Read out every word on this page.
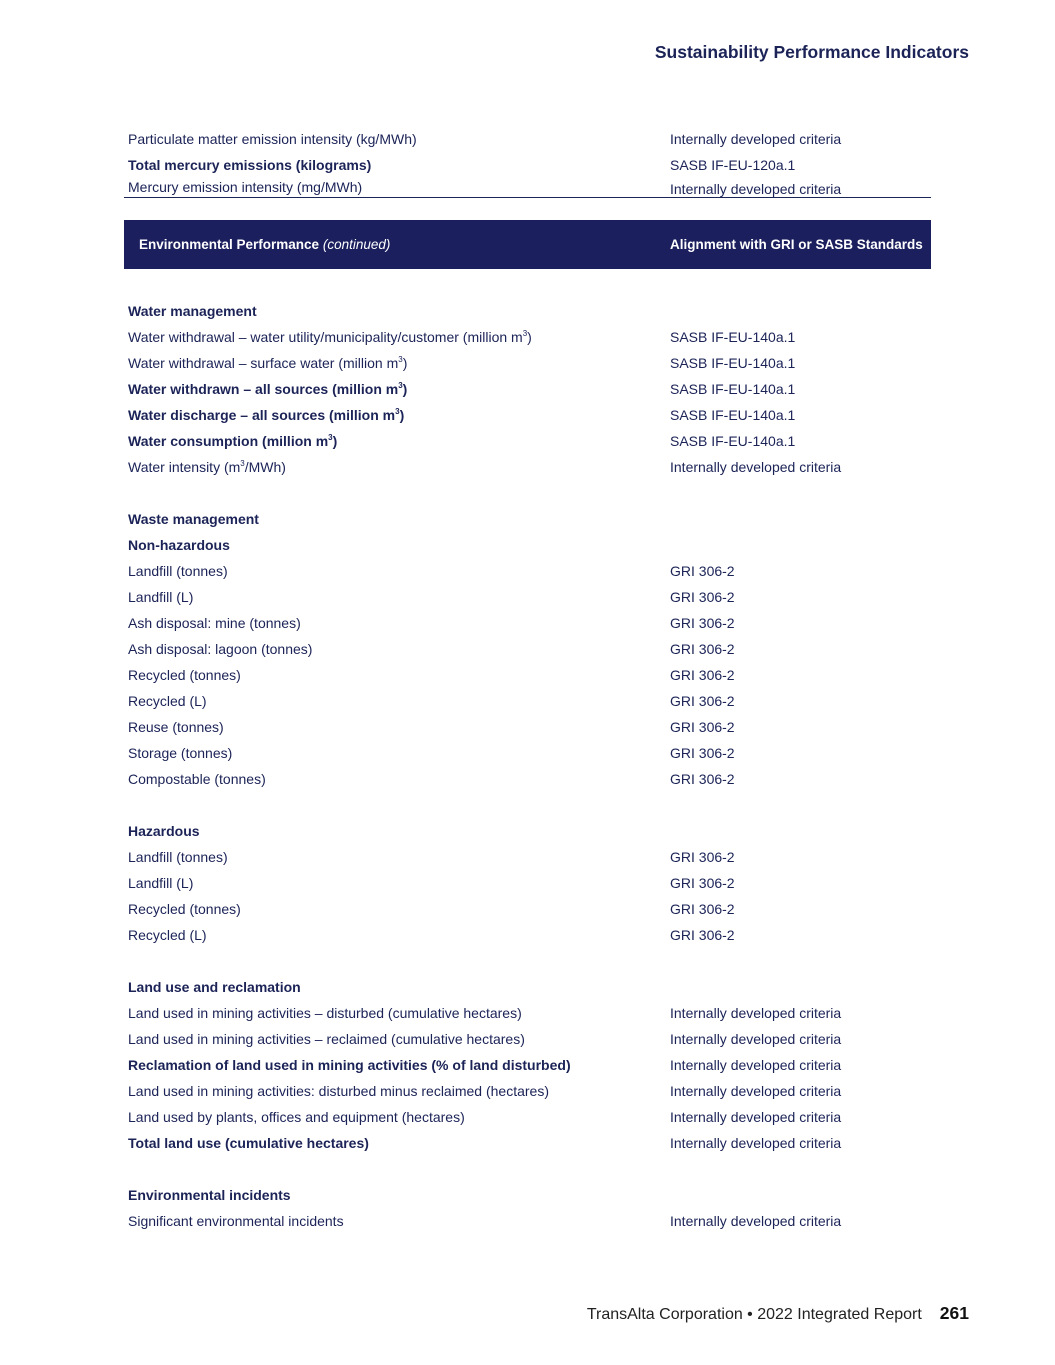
Sustainability Performance Indicators
Particulate matter emission intensity (kg/MWh)	Internally developed criteria
Total mercury emissions (kilograms)	SASB IF-EU-120a.1
Mercury emission intensity (mg/MWh)	Internally developed criteria
Environmental Performance (continued)	Alignment with GRI or SASB Standards
Water management
Water withdrawal – water utility/municipality/customer (million $m^3$)	SASB IF-EU-140a.1
Water withdrawal – surface water (million $m^3$)	SASB IF-EU-140a.1
Water withdrawn – all sources (million $m^3$)	SASB IF-EU-140a.1
Water discharge – all sources (million $m^3$)	SASB IF-EU-140a.1
Water consumption (million $m^3$)	SASB IF-EU-140a.1
Water intensity $(m^3/MWh)$	Internally developed criteria
Waste management
Non-hazardous
Landfill (tonnes)	GRI 306-2
Landfill (L)	GRI 306-2
Ash disposal: mine (tonnes)	GRI 306-2
Ash disposal: lagoon (tonnes)	GRI 306-2
Recycled (tonnes)	GRI 306-2
Recycled (L)	GRI 306-2
Reuse (tonnes)	GRI 306-2
Storage (tonnes)	GRI 306-2
Compostable (tonnes)	GRI 306-2
Hazardous
Landfill (tonnes)	GRI 306-2
Landfill (L)	GRI 306-2
Recycled (tonnes)	GRI 306-2
Recycled (L)	GRI 306-2
Land use and reclamation
Land used in mining activities – disturbed (cumulative hectares)	Internally developed criteria
Land used in mining activities – reclaimed (cumulative hectares)	Internally developed criteria
Reclamation of land used in mining activities (% of land disturbed)	Internally developed criteria
Land used in mining activities: disturbed minus reclaimed (hectares)	Internally developed criteria
Land used by plants, offices and equipment (hectares)	Internally developed criteria
Total land use (cumulative hectares)	Internally developed criteria
Environmental incidents
Significant environmental incidents	Internally developed criteria
TransAlta Corporation • 2022 Integrated Report 261
